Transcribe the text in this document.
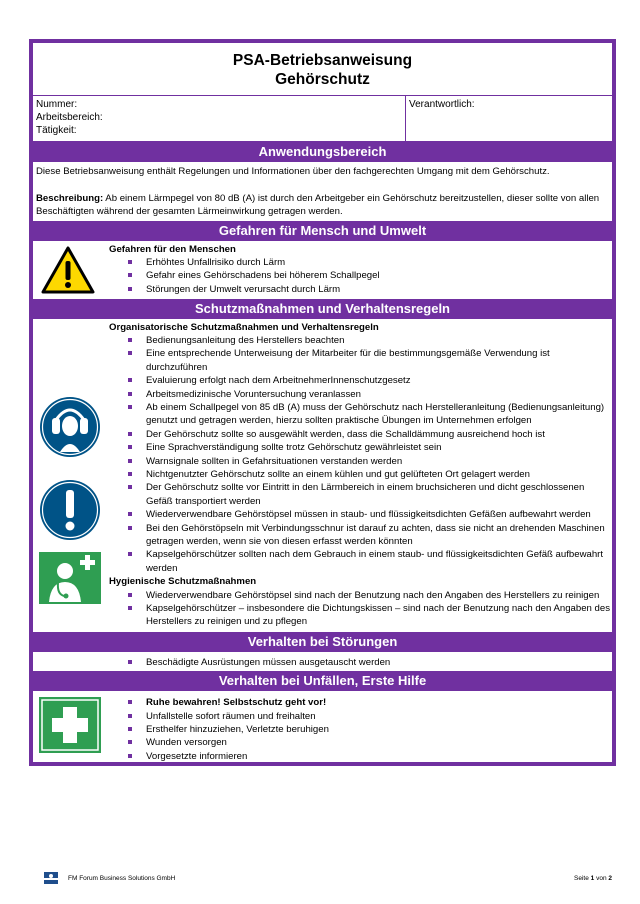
PSA-Betriebsanweisung
Gehörschutz
Nummer:
Arbeitsbereich:
Tätigkeit:
Verantwortlich:
Anwendungsbereich
Diese Betriebsanweisung enthält Regelungen und Informationen über den fachgerechten Umgang mit dem Gehörschutz.
Beschreibung: Ab einem Lärmpegel von 80 dB (A) ist durch den Arbeitgeber ein Gehörschutz bereitzustellen, dieser sollte von allen Beschäftigten während der gesamten Lärmeinwirkung getragen werden.
Gefahren für Mensch und Umwelt
Gefahren für den Menschen
Erhöhtes Unfallrisiko durch Lärm
Gefahr eines Gehörschadens bei höherem Schallpegel
Störungen der Umwelt verursacht durch Lärm
Schutzmaßnahmen und Verhaltensregeln
Organisatorische Schutzmaßnahmen und Verhaltensregeln
Bedienungsanleitung des Herstellers beachten
Eine entsprechende Unterweisung der Mitarbeiter für die bestimmungsgemäße Verwendung ist durchzuführen
Evaluierung erfolgt nach dem ArbeitnehmerInnenschutzgesetz
Arbeitsmedizinische Voruntersuchung veranlassen
Ab einem Schallpegel von 85 dB (A) muss der Gehörschutz nach Herstelleranleitung (Bedienungsanleitung) genutzt und getragen werden, hierzu sollten praktische Übungen im Unternehmen erfolgen
Der Gehörschutz sollte so ausgewählt werden, dass die Schalldämmung ausreichend hoch ist
Eine Sprachverständigung sollte trotz Gehörschutz gewährleistet sein
Warnsignale sollten in Gefahrsituationen verstanden werden
Nichtgenutzter Gehörschutz sollte an einem kühlen und gut gelüfteten Ort gelagert werden
Der Gehörschutz sollte vor Eintritt in den Lärmbereich in einem bruchsicheren und dicht geschlossenen Gefäß transportiert werden
Wiederverwendbare Gehörstöpsel müssen in staub- und flüssigkeitsdichten Gefäßen aufbewahrt werden
Bei den Gehörstöpseln mit Verbindungsschnur ist darauf zu achten, dass sie nicht an drehenden Maschinen getragen werden, wenn sie von diesen erfasst werden könnten
Kapselgehörschützer sollten nach dem Gebrauch in einem staub- und flüssigkeitsdichten Gefäß aufbewahrt werden
Hygienische Schutzmaßnahmen
Wiederverwendbare Gehörstöpsel sind nach der Benutzung nach den Angaben des Herstellers zu reinigen
Kapselgehörschützer – insbesondere die Dichtungskissen – sind nach der Benutzung nach den Angaben des Herstellers zu reinigen und zu pflegen
Verhalten bei Störungen
Beschädigte Ausrüstungen müssen ausgetauscht werden
Verhalten bei Unfällen, Erste Hilfe
Ruhe bewahren! Selbstschutz geht vor!
Unfallstelle sofort räumen und freihalten
Ersthelfer hinzuziehen, Verletzte beruhigen
Wunden versorgen
Vorgesetzte informieren
FM Forum Business Solutions GmbH	Seite 1 von 2
